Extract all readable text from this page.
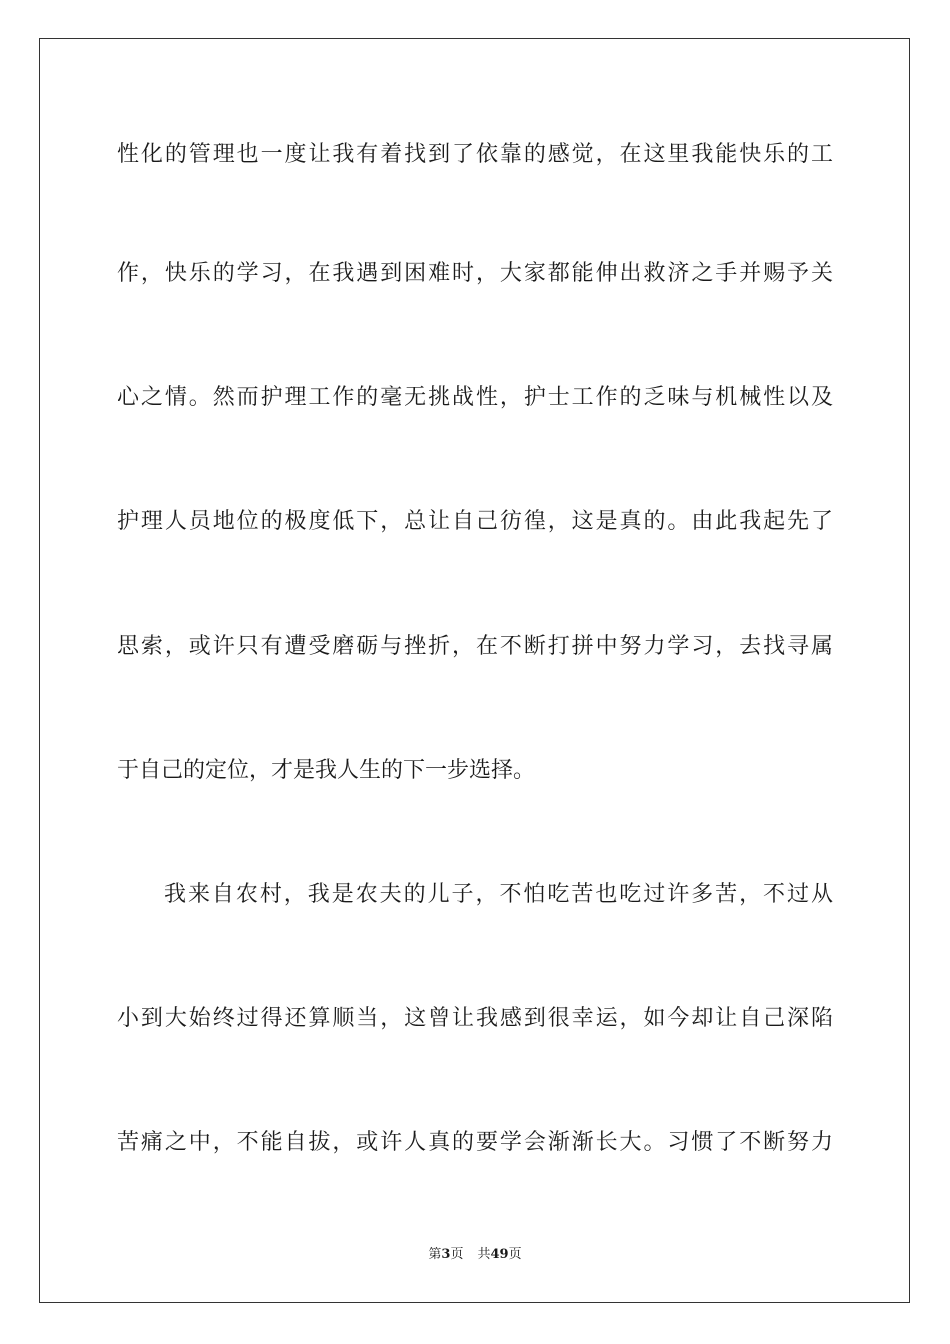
性化的管理也一度让我有着找到了依靠的感觉，在这里我能快乐的工
作，快乐的学习，在我遇到困难时，大家都能伸出救济之手并赐予关
心之情。然而护理工作的毫无挑战性，护士工作的乏味与机械性以及
护理人员地位的极度低下，总让自己彷徨，这是真的。由此我起先了
思索，或许只有遭受磨砺与挫折，在不断打拼中努力学习，去找寻属
于自己的定位，才是我人生的下一步选择。
我来自农村，我是农夫的儿子，不怕吃苦也吃过许多苦，不过从
小到大始终过得还算顺当，这曾让我感到很幸运，如今却让自己深陷
苦痛之中，不能自拔，或许人真的要学会渐渐长大。习惯了不断努力
第3页 共49页
